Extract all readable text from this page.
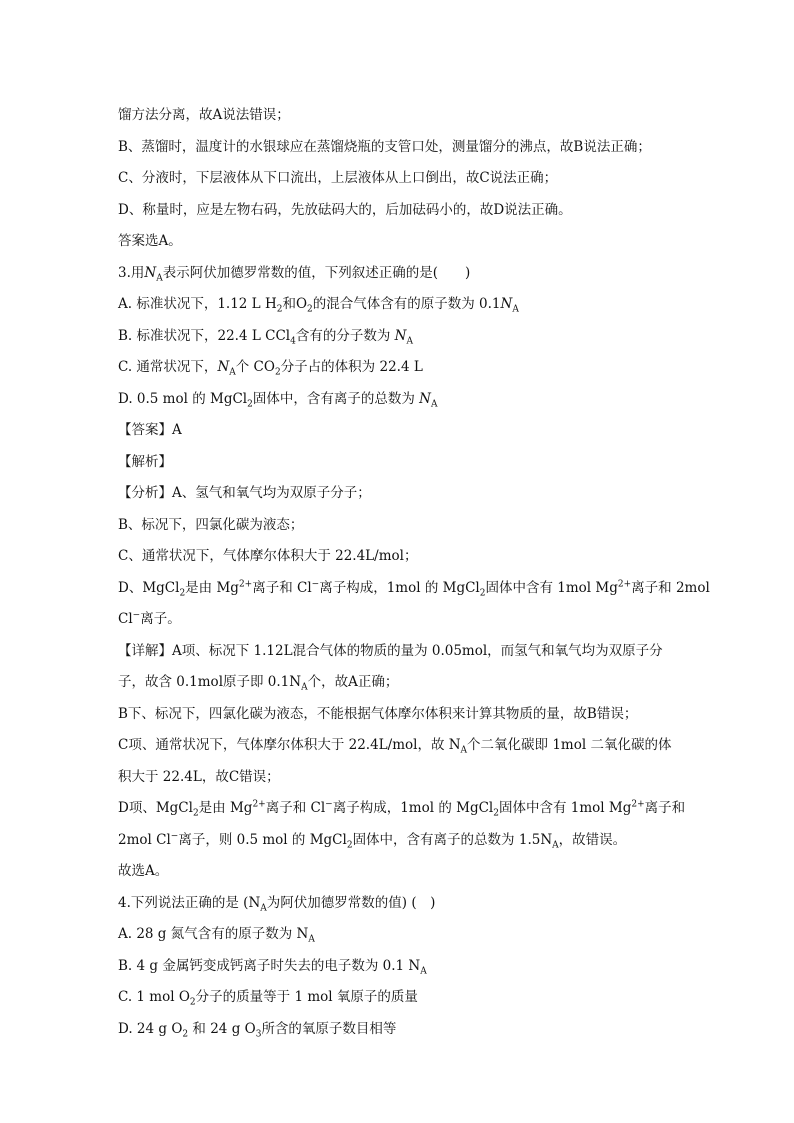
馏方法分离，故A说法错误；
B、蒸馏时，温度计的水银球应在蒸馏烧瓶的支管口处，测量馏分的沸点，故B说法正确；
C、分液时，下层液体从下口流出，上层液体从上口倒出，故C说法正确；
D、称量时，应是左物右码，先放砝码大的，后加砝码小的，故D说法正确。
答案选A。
3.用$N_A$表示阿伏加德罗常数的值，下列叙述正确的是(　　)
A. 标准状况下，1.12 L $H_2$和$O_2$的混合气体含有的原子数为 $0.1N_A$
B. 标准状况下，22.4 L CCl$_4$含有的分子数为 $N_A$
C. 通常状况下，$N_A$个 $CO_2$分子占的体积为 22.4 L
D. 0.5 mol 的 MgCl$_2$固体中，含有离子的总数为 $N_A$
【答案】A
【解析】
【分析】A、氢气和氧气均为双原子分子；
B、标况下，四氯化碳为液态；
C、通常状况下，气体摩尔体积大于 22.4L/mol；
D、MgCl$_2$是由 $Mg^{2+}$离子和 Cl−离子构成，1mol 的 MgCl$_2$固体中含有 1mol $Mg^{2+}$离子和 2mol
Cl−离子。
【详解】A项、标况下 1.12L混合气体的物质的量为 0.05mol，而氢气和氧气均为双原子分
子，故含 0.1mol原子即 $0.1N_A$个，故A正确；
B下、标况下，四氯化碳为液态，不能根据气体摩尔体积来计算其物质的量，故B错误；
C项、通常状况下，气体摩尔体积大于 22.4L/mol，故 $N_A$个二氧化碳即 1mol 二氧化碳的体
积大于 22.4L，故C错误；
D项、MgCl$_2$是由 $Mg^{2+}$离子和 Cl−离子构成，1mol 的 MgCl$_2$固体中含有 1mol $Mg^{2+}$离子和
2mol Cl−离子，则 0.5 mol 的 MgCl$_2$固体中，含有离子的总数为 $1.5N_A$，故错误。
故选A。
4.下列说法正确的是 ($N_A$为阿伏加德罗常数的值) (　)
A. 28 g 氮气含有的原子数为 $N_A$
B. 4 g 金属钙变成钙离子时失去的电子数为 0.1 $N_A$
C. 1 mol $O_2$分子的质量等于 1 mol 氧原子的质量
D. 24 g $O_2$ 和 24 g $O_3$所含的氧原子数目相等
